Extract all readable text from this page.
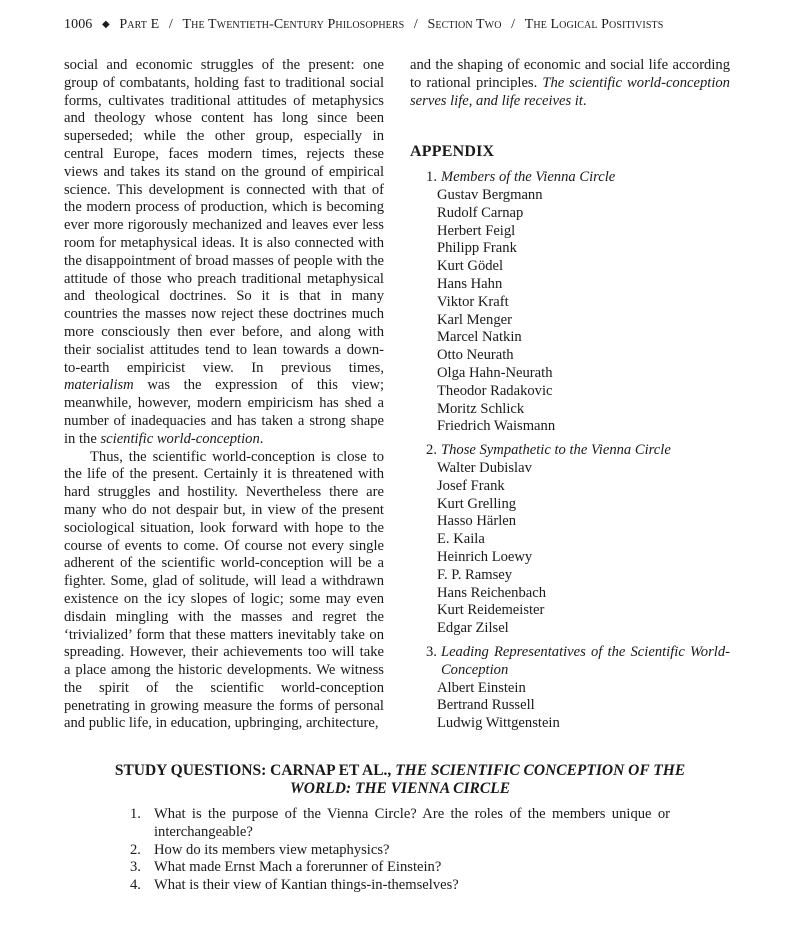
1006 ◆ Part E / The Twentieth-Century Philosophers / Section Two / The Logical Positivists

social and economic struggles of the present: one group of combatants, holding fast to traditional social forms, cultivates traditional attitudes of metaphysics and theology whose content has long since been superseded; while the other group, especially in central Europe, faces modern times, rejects these views and takes its stand on the ground of empirical science. This development is connected with that of the modern process of production, which is becoming ever more rigorously mechanized and leaves ever less room for metaphysical ideas. It is also connected with the disappointment of broad masses of people with the attitude of those who preach traditional metaphysical and theological doctrines. So it is that in many countries the masses now reject these doctrines much more consciously then ever before, and along with their socialist attitudes tend to lean towards a down-to-earth empiricist view. In previous times, materialism was the expression of this view; meanwhile, however, modern empiricism has shed a number of inadequacies and has taken a strong shape in the scientific world-conception.

Thus, the scientific world-conception is close to the life of the present. Certainly it is threatened with hard struggles and hostility. Nevertheless there are many who do not despair but, in view of the present sociological situation, look forward with hope to the course of events to come. Of course not every single adherent of the scientific world-conception will be a fighter. Some, glad of solitude, will lead a withdrawn existence on the icy slopes of logic; some may even disdain mingling with the masses and regret the ‘trivialized’ form that these matters inevitably take on spreading. However, their achievements too will take a place among the historic developments. We witness the spirit of the scientific world-conception penetrating in growing measure the forms of personal and public life, in education, upbringing, architecture,

and the shaping of economic and social life according to rational principles. The scientific world-conception serves life, and life receives it.

APPENDIX
1. Members of the Vienna Circle
Gustav Bergmann
Rudolf Carnap
Herbert Feigl
Philipp Frank
Kurt Gödel
Hans Hahn
Viktor Kraft
Karl Menger
Marcel Natkin
Otto Neurath
Olga Hahn-Neurath
Theodor Radakovic
Moritz Schlick
Friedrich Waismann
2. Those Sympathetic to the Vienna Circle
Walter Dubislav
Josef Frank
Kurt Grelling
Hasso Härlen
E. Kaila
Heinrich Loewy
F. P. Ramsey
Hans Reichenbach
Kurt Reidemeister
Edgar Zilsel
3. Leading Representatives of the Scientific World-Conception
Albert Einstein
Bertrand Russell
Ludwig Wittgenstein
STUDY QUESTIONS: CARNAP ET AL., THE SCIENTIFIC CONCEPTION OF THE WORLD: THE VIENNA CIRCLE
1. What is the purpose of the Vienna Circle? Are the roles of the members unique or interchangeable?
2. How do its members view metaphysics?
3. What made Ernst Mach a forerunner of Einstein?
4. What is their view of Kantian things-in-themselves?
